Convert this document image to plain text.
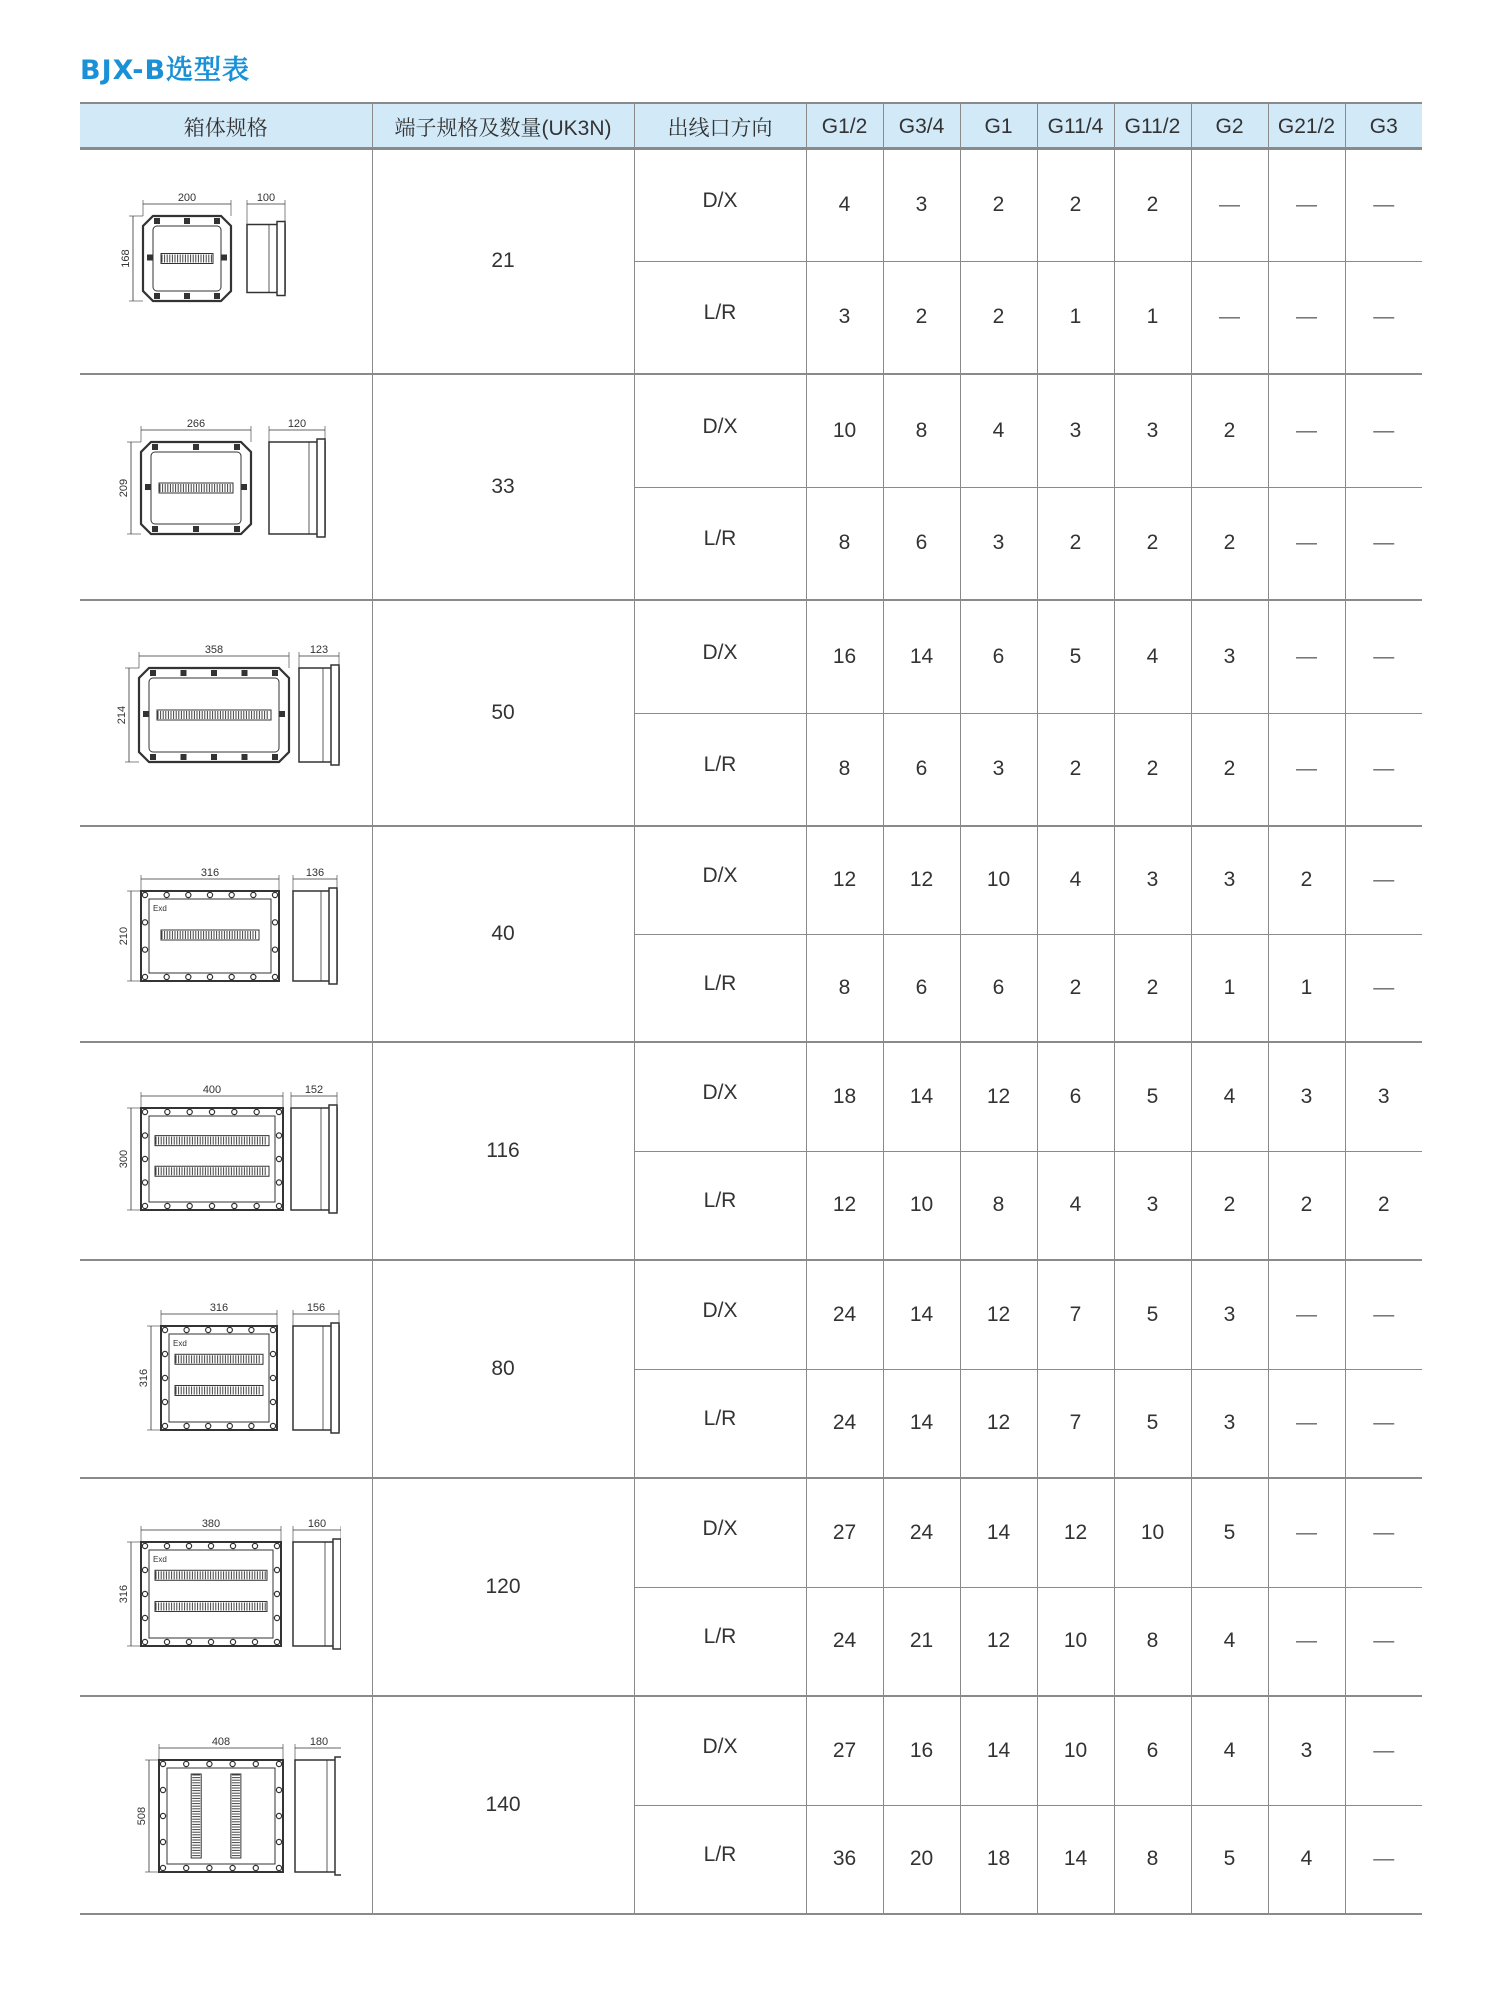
BJX-B选型表
箱体规格	端子规格及数量(UK3N)	出线口方向	G1/2	G3/4	G1	G11/4	G11/2	G2	G21/2	G3

200
168
100	21	D/X	4	3	2	2	2	—	—	—
		L/R	3	2	2	1	1	—	—	—

266
209
120	33	D/X	10	8	4	3	3	2	—	—
		L/R	8	6	3	2	2	2	—	—

358
214
123	50	D/X	16	14	6	5	4	3	—	—
		L/R	8	6	3	2	2	2	—	—

316
210
Exd
136	40	D/X	12	12	10	4	3	3	2	—
		L/R	8	6	6	2	2	1	1	—

400
300
152	116	D/X	18	14	12	6	5	4	3	3
		L/R	12	10	8	4	3	2	2	2

316
316
Exd
156	80	D/X	24	14	12	7	5	3	—	—
		L/R	24	14	12	7	5	3	—	—

380
316
Exd
160	120	D/X	27	24	14	12	10	5	—	—
		L/R	24	21	12	10	8	4	—	—

408
508
180	140	D/X	27	16	14	10	6	4	3	—
		L/R	36	20	18	14	8	5	4	—
